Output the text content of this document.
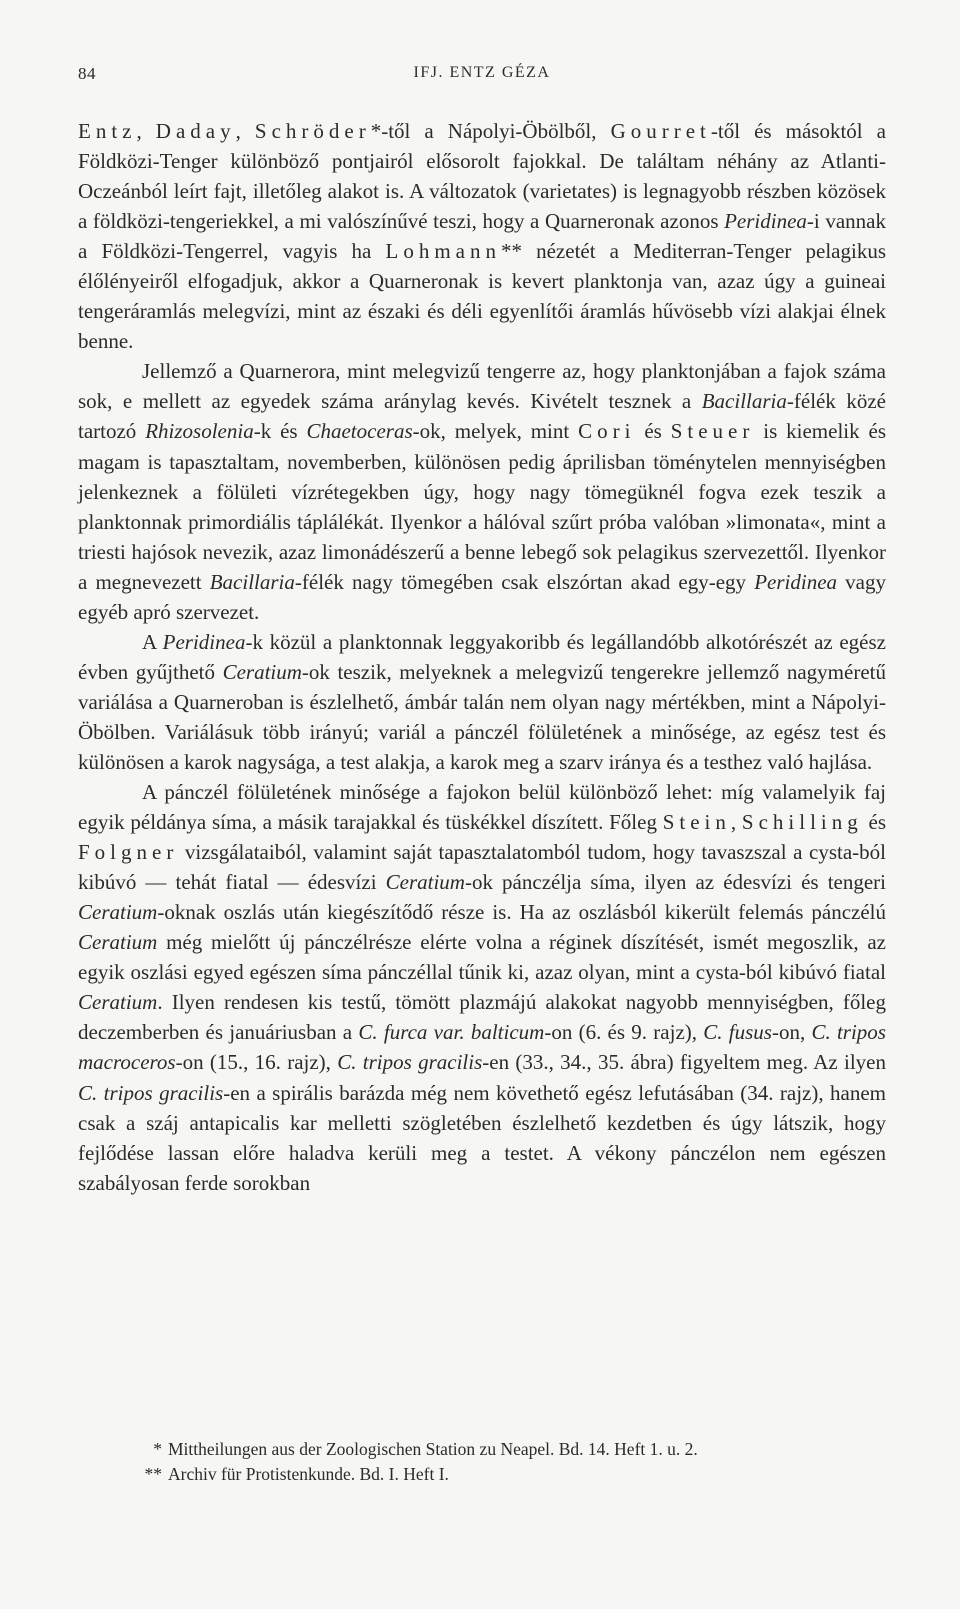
84	IFJ. ENTZ GÉZA

Entz, Daday, Schröder*-től a Nápolyi-Öbölből, Gourret-től és másoktól a Földközi-Tenger különböző pontjairól elősorolt fajokkal. De találtam néhány az Atlanti-Oczeánból leírt fajt, illetőleg alakot is. A változatok (varietates) is legnagyobb részben közösek a földközi-tengeriekkel, a mi valószínűvé teszi, hogy a Quarneronak azonos Peridinea-i vannak a Földközi-Tengerrel, vagyis ha Lohmann** nézetét a Mediterran-Tenger pelagikus élőlényeiről elfogadjuk, akkor a Quarneronak is kevert planktonja van, azaz úgy a guineai tengeráramlás melegvízi, mint az északi és déli egyenlítői áramlás hűvösebb vízi alakjai élnek benne.

Jellemző a Quarnerora, mint melegvizű tengerre az, hogy planktonjában a fajok száma sok, e mellett az egyedek száma aránylag kevés. Kivételt tesznek a Bacillaria-félék közé tartozó Rhizosolenia-k és Chaetoceras-ok, melyek, mint Cori és Steuer is kiemelik és magam is tapasztaltam, novemberben, különösen pedig áprilisban töménytelen mennyiségben jelenkeznek a fölületi vízrétegekben úgy, hogy nagy tömegüknél fogva ezek teszik a planktonnak primordiális táplálékát. Ilyenkor a hálóval szűrt próba valóban »limonata«, mint a triesti hajósok nevezik, azaz limonádészerű a benne lebegő sok pelagikus szervezettől. Ilyenkor a megnevezett Bacillaria-félék nagy tömegében csak elszórtan akad egy-egy Peridinea vagy egyéb apró szervezet.

A Peridinea-k közül a planktonnak leggyakoribb és legállandóbb alkotórészét az egész évben gyűjthető Ceratium-ok teszik, melyeknek a melegvizű tengerekre jellemző nagyméretű variálása a Quarneroban is észlelhető, ámbár talán nem olyan nagy mértékben, mint a Nápolyi-Öbölben. Variálásuk több irányú; variál a pánczél fölületének a minősége, az egész test és különösen a karok nagysága, a test alakja, a karok meg a szarv iránya és a testhez való hajlása.

A pánczél fölületének minősége a fajokon belül különböző lehet: míg valamelyik faj egyik példánya síma, a másik tarajakkal és tüskékkel díszített. Főleg Stein, Schilling és Folgner vizsgálataiból, valamint saját tapasztalatomból tudom, hogy tavaszszal a cysta-ból kibúvó — tehát fiatal — édesvízi Ceratium-ok pánczélja síma, ilyen az édesvízi és tengeri Ceratium-oknak oszlás után kiegészítődő része is. Ha az oszlásból kikerült felemás pánczélú Ceratium még mielőtt új pánczélrésze elérte volna a réginek díszítését, ismét megoszlik, az egyik oszlási egyed egészen síma pánczéllal tűnik ki, azaz olyan, mint a cysta-ból kibúvó fiatal Ceratium. Ilyen rendesen kis testű, tömött plazmájú alakokat nagyobb mennyiségben, főleg deczemberben és januáriusban a C. furca var. balticum-on (6. és 9. rajz), C. fusus-on, C. tripos macroceros-on (15., 16. rajz), C. tripos gracilis-en (33., 34., 35. ábra) figyeltem meg. Az ilyen C. tripos gracilis-en a spirális barázda még nem követhető egész lefutásában (34. rajz), hanem csak a száj antapicalis kar melletti szögletében észlelhető kezdetben és úgy látszik, hogy fejlődése lassan előre haladva kerüli meg a testet. A vékony pánczélon nem egészen szabályosan ferde sorokban

* Mittheilungen aus der Zoologischen Station zu Neapel. Bd. 14. Heft 1. u. 2.

** Archiv für Protistenkunde. Bd. I. Heft I.
